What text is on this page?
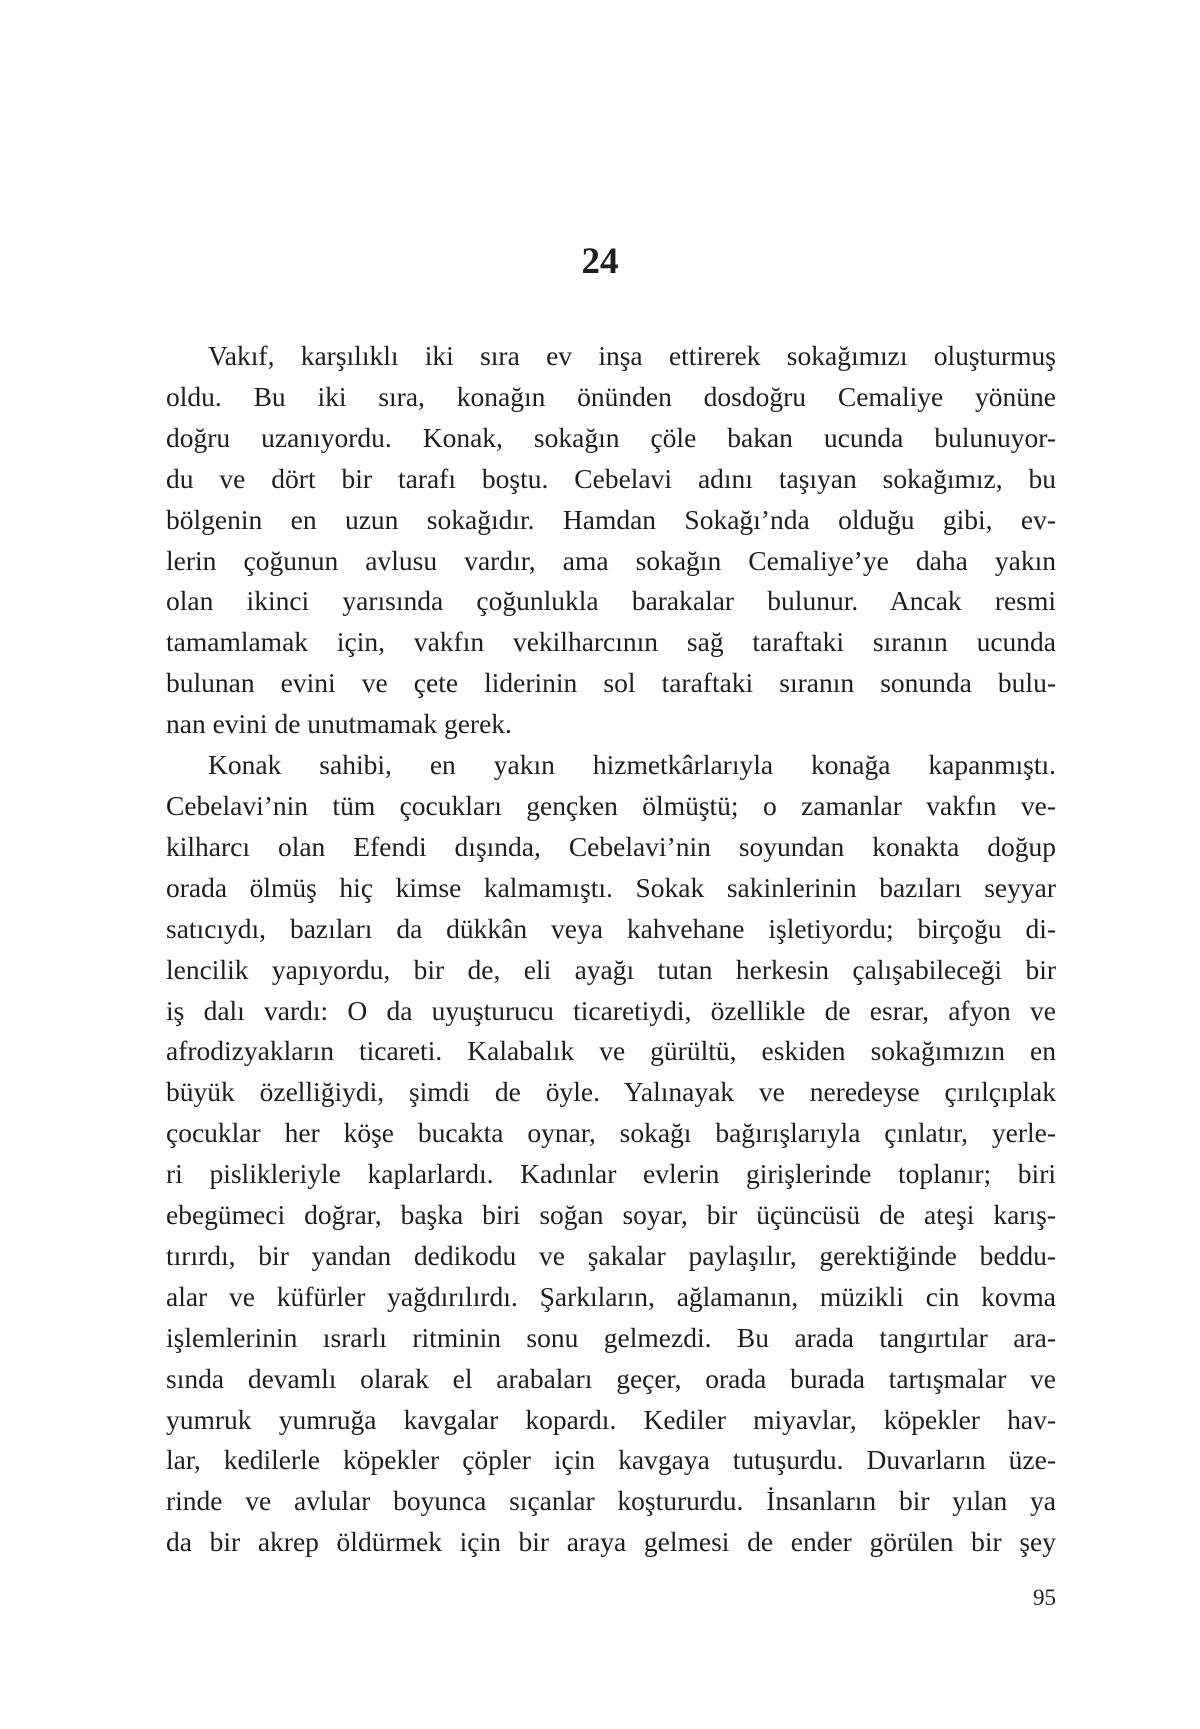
24
Vakıf, karşılıklı iki sıra ev inşa ettirerek sokağımızı oluşturmuş
oldu. Bu iki sıra, konağın önünden dosdoğru Cemaliye yönüne
doğru uzanıyordu. Konak, sokağın çöle bakan ucunda bulunuyor-
du ve dört bir tarafı boştu. Cebelavi adını taşıyan sokağımız, bu
bölgenin en uzun sokağıdır. Hamdan Sokağı’nda olduğu gibi, ev-
lerin çoğunun avlusu vardır, ama sokağın Cemaliye’ye daha yakın
olan ikinci yarısında çoğunlukla barakalar bulunur. Ancak resmi
tamamlamak için, vakfın vekilharcının sağ taraftaki sıranın ucunda
bulunan evini ve çete liderinin sol taraftaki sıranın sonunda bulu-
nan evini de unutmamak gerek.
Konak sahibi, en yakın hizmetkârlarıyla konağa kapanmıştı.
Cebelavi’nin tüm çocukları gençken ölmüştü; o zamanlar vakfın ve-
kilharcı olan Efendi dışında, Cebelavi’nin soyundan konakta doğup
orada ölmüş hiç kimse kalmamıştı. Sokak sakinlerinin bazıları seyyar
satıcıydı, bazıları da dükkân veya kahvehane işletiyordu; birçoğu di-
lencilik yapıyordu, bir de, eli ayağı tutan herkesin çalışabileceği bir
iş dalı vardı: O da uyuşturucu ticaretiydi, özellikle de esrar, afyon ve
afrodizyakların ticareti. Kalabalık ve gürültü, eskiden sokağımızın en
büyük özelliğiydi, şimdi de öyle. Yalınayak ve neredeyse çırılçıplak
çocuklar her köşe bucakta oynar, sokağı bağırışlarıyla çınlatır, yerle-
ri pislikleriyle kaplarlardı. Kadınlar evlerin girişlerinde toplanır; biri
ebegümeci doğrar, başka biri soğan soyar, bir üçüncüsü de ateşi karış-
tırırdı, bir yandan dedikodu ve şakalar paylaşılır, gerektiğinde beddu-
alar ve küfürler yağdırılırdı. Şarkıların, ağlamanın, müzikli cin kovma
işlemlerinin ısrarlı ritminin sonu gelmezdi. Bu arada tangırtılar ara-
sında devamlı olarak el arabaları geçer, orada burada tartışmalar ve
yumruk yumruğa kavgalar kopardı. Kediler miyavlar, köpekler hav-
lar, kedilerle köpekler çöpler için kavgaya tutuşurdu. Duvarların üze-
rinde ve avlular boyunca sıçanlar koştururdu. İnsanların bir yılan ya
da bir akrep öldürmek için bir araya gelmesi de ender görülen bir şey
95
